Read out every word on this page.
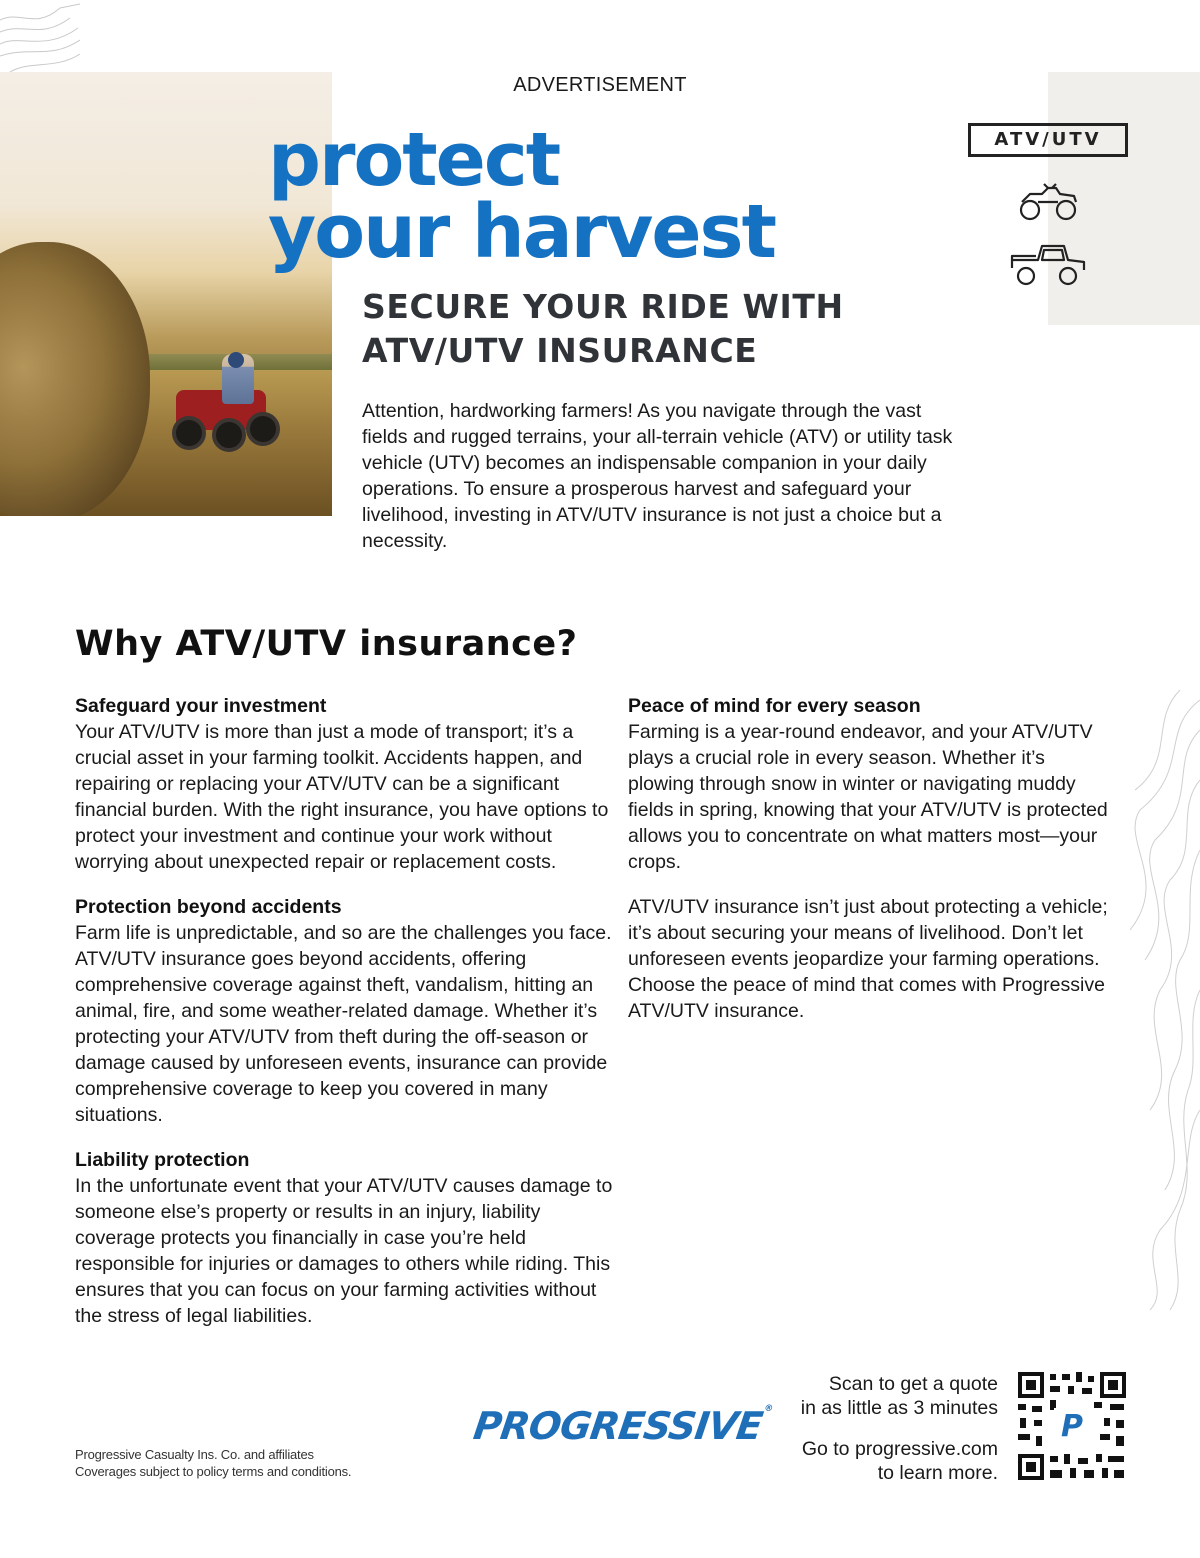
ADVERTISEMENT
protect
your harvest
SECURE YOUR RIDE WITH
ATV/UTV INSURANCE

Attention, hardworking farmers! As you navigate through the vast fields and rugged terrains, your all-terrain vehicle (ATV) or utility task vehicle (UTV) becomes an indispensable companion in your daily operations. To ensure a prosperous harvest and safeguard your livelihood, investing in ATV/UTV insurance is not just a choice but a necessity.

ATV/UTV
Why ATV/UTV insurance?
Safeguard your investment

Your ATV/UTV is more than just a mode of transport; it’s a crucial asset in your farming toolkit. Accidents happen, and repairing or replacing your ATV/UTV can be a significant financial burden. With the right insurance, you have options to protect your investment and continue your work without worrying about unexpected repair or replacement costs.

Protection beyond accidents

Farm life is unpredictable, and so are the challenges you face. ATV/UTV insurance goes beyond accidents, offering comprehensive coverage against theft, vandalism, hitting an animal, fire, and some weather-related damage. Whether it’s protecting your ATV/UTV from theft during the off-season or damage caused by unforeseen events, insurance can provide comprehensive coverage to keep you covered in many situations.

Liability protection

In the unfortunate event that your ATV/UTV causes damage to someone else’s property or results in an injury, liability coverage protects you financially in case you’re held responsible for injuries or damages to others while riding. This ensures that you can focus on your farming activities without the stress of legal liabilities.

Peace of mind for every season

Farming is a year-round endeavor, and your ATV/UTV plays a crucial role in every season. Whether it’s plowing through snow in winter or navigating muddy fields in spring, knowing that your ATV/UTV is protected allows you to concentrate on what matters most—your crops.

ATV/UTV insurance isn’t just about protecting a vehicle; it’s about securing your means of livelihood. Don’t let unforeseen events jeopardize your farming operations. Choose the peace of mind that comes with Progressive ATV/UTV insurance.

Progressive Casualty Ins. Co. and affiliates
Coverages subject to policy terms and conditions.
PROGRESSIVE®
Scan to get a quote
in as little as 3 minutes
Go to progressive.com
to learn more.
P
